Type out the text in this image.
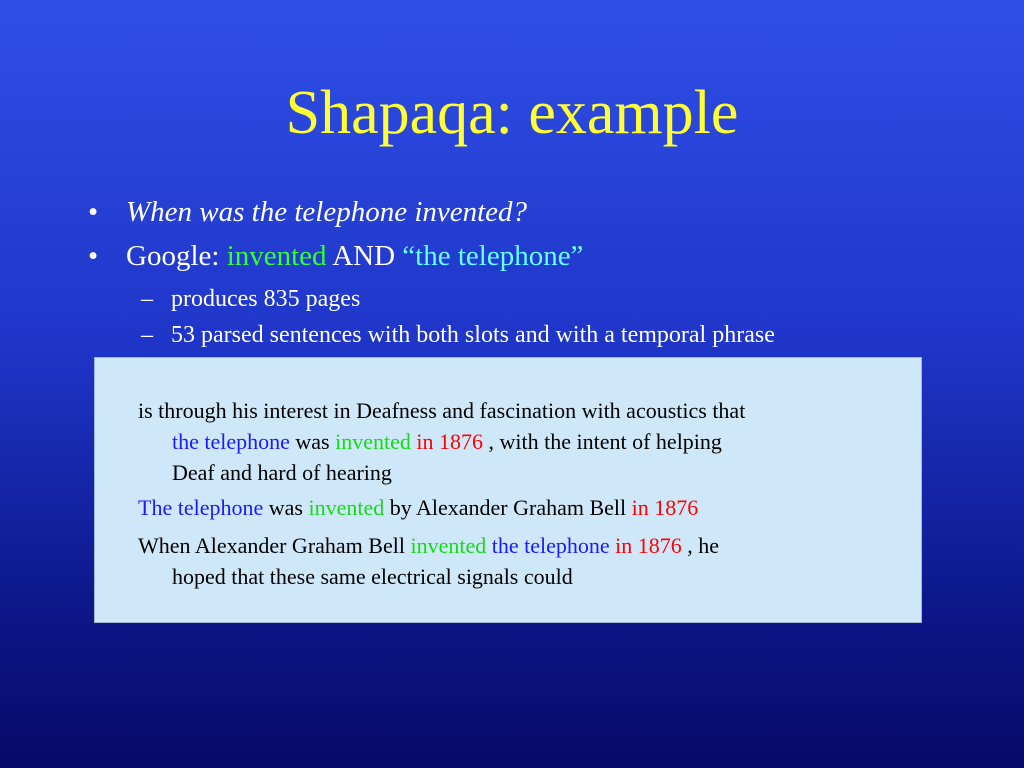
Shapaqa: example
• When was the telephone invented?
• Google: invented AND “the telephone”
– produces 835 pages
– 53 parsed sentences with both slots and with a temporal phrase
is through his interest in Deafness and fascination with acoustics that
the telephone was invented in 1876 , with the intent of helping
Deaf and hard of hearing
The telephone was invented by Alexander Graham Bell in 1876
When Alexander Graham Bell invented the telephone in 1876 , he
hoped that these same electrical signals could
